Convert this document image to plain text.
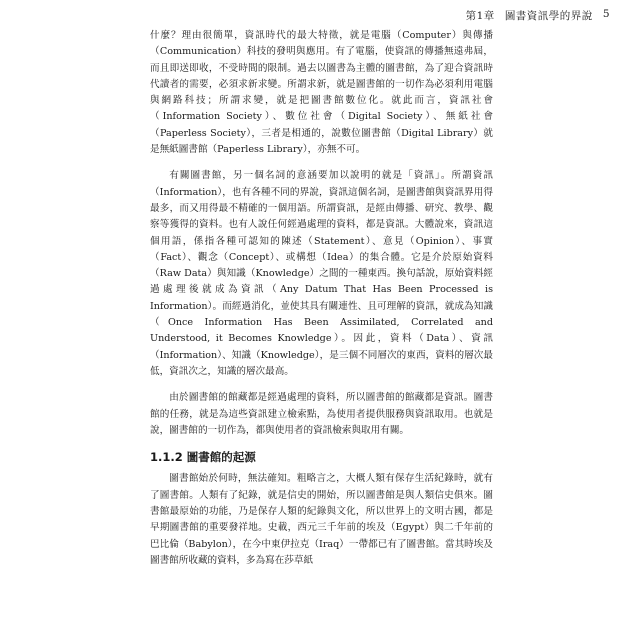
第1章 圖書資訊學的界說 5

什麼？理由很簡單，資訊時代的最大特徵，就是電腦（Computer）與傳播（Communication）科技的發明與應用。有了電腦，使資訊的傳播無遠弗屆，而且即送即收，不受時間的限制。過去以圖書為主體的圖書館，為了迎合資訊時代讀者的需要，必須求新求變。所謂求新，就是圖書館的一切作為必須利用電腦與網路科技；所謂求變，就是把圖書館數位化。就此而言，資訊社會（Information Society）、數位社會（Digital Society）、無紙社會（Paperless Society），三者是相通的，說數位圖書館（Digital Library）就是無紙圖書館（Paperless Library），亦無不可。

有關圖書館，另一個名詞的意涵要加以說明的就是「資訊」。所謂資訊（Information），也有各種不同的界說，資訊這個名詞，是圖書館與資訊界用得最多，而又用得最不精確的一個用語。所謂資訊，是經由傳播、研究、教學、觀察等獲得的資料。也有人說任何經過處理的資料，都是資訊。大體說來，資訊這個用語，係指各種可認知的陳述（Statement）、意見（Opinion）、事實（Fact）、觀念（Concept）、或構想（Idea）的集合體。它是介於原始資料（Raw Data）與知識（Knowledge）之間的一種東西。換句話說，原始資料經過處理後就成為資訊（Any Datum That Has Been Processed is Information）。而經過消化，並使其具有關連性、且可理解的資訊，就成為知識（Once Information Has Been Assimilated, Correlated and Understood, it Becomes Knowledge）。因此，資料（Data）、資訊（Information）、知識（Knowledge），是三個不同層次的東西，資料的層次最低，資訊次之，知識的層次最高。

由於圖書館的館藏都是經過處理的資料，所以圖書館的館藏都是資訊。圖書館的任務，就是為這些資訊建立檢索點，為使用者提供服務與資訊取用。也就是說，圖書館的一切作為，都與使用者的資訊檢索與取用有關。

1.1.2 圖書館的起源

圖書館始於何時，無法確知。粗略言之，大概人類有保存生活紀錄時，就有了圖書館。人類有了紀錄，就是信史的開始，所以圖書館是與人類信史俱來。圖書館最原始的功能，乃是保存人類的紀錄與文化，所以世界上的文明古國，都是早期圖書館的重要發祥地。史載，西元三千年前的埃及（Egypt）與二千年前的巴比倫（Babylon），在今中東伊拉克（Iraq）一帶都已有了圖書館。當其時埃及圖書館所收藏的資料，多為寫在莎草紙
